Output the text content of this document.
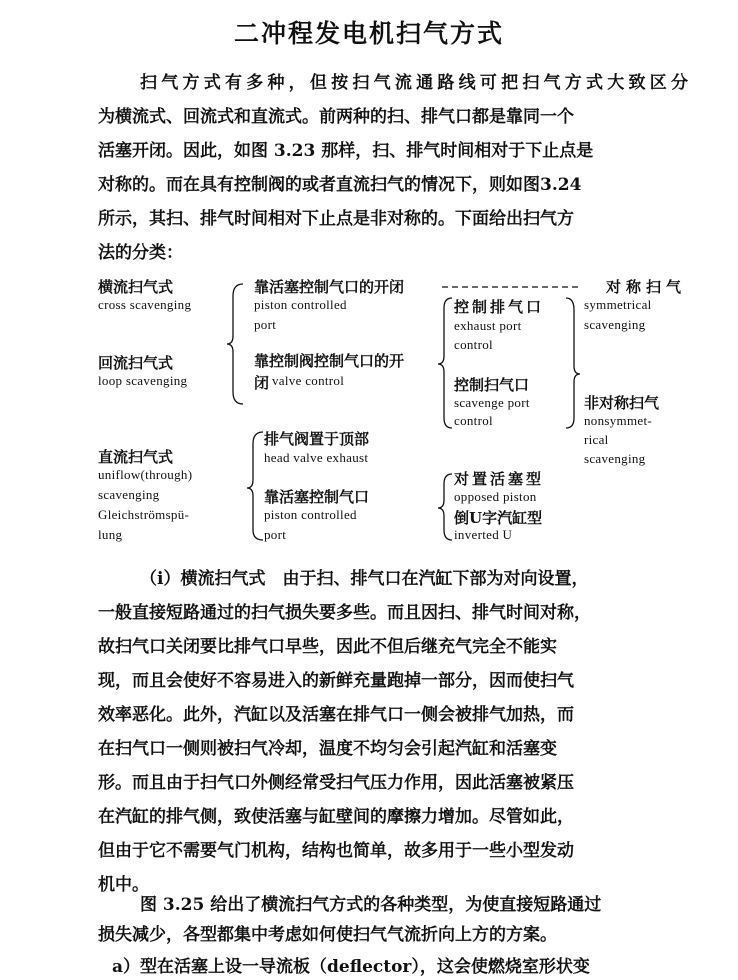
二冲程发电机扫气方式
扫气方式有多种，但按扫气流通路线可把扫气方式大致区分
为横流式、回流式和直流式。前两种的扫、排气口都是靠同一个
活塞开闭。因此，如图 3.23 那样，扫、排气时间相对于下止点是
对称的。而在具有控制阀的或者直流扫气的情况下，则如图3.24
所示，其扫、排气时间相对下止点是非对称的。下面给出扫气方
法的分类：
横流扫气式
cross scavenging
回流扫气式
loop scavenging
直流扫气式
uniflow(through)
scavenging
Gleichströmspü-
lung
靠活塞控制气口的开闭
piston controlled
port
靠控制阀控制气口的开
闭 valve control
排气阀置于顶部
head valve exhaust
靠活塞控制气口
piston controlled
port
控制排气口
exhaust port
control
控制扫气口
scavenge port
control
对置活塞型
opposed piston
倒U字汽缸型
inverted U
对称扫气
symmetrical
scavenging
非对称扫气
nonsymmet-
rical
scavenging
（i）横流扫气式　由于扫、排气口在汽缸下部为对向设置，
一般直接短路通过的扫气损失要多些。而且因扫、排气时间对称，
故扫气口关闭要比排气口早些，因此不但后继充气完全不能实
现，而且会使好不容易进入的新鲜充量跑掉一部分，因而使扫气
效率恶化。此外，汽缸以及活塞在排气口一侧会被排气加热，而
在扫气口一侧则被扫气冷却，温度不均匀会引起汽缸和活塞变
形。而且由于扫气口外侧经常受扫气压力作用，因此活塞被紧压
在汽缸的排气侧，致使活塞与缸壁间的摩擦力增加。尽管如此，
但由于它不需要气门机构，结构也简单，故多用于一些小型发动
机中。
图 3.25 给出了横流扫气方式的各种类型，为使直接短路通过
损失减少，各型都集中考虑如何使扫气气流折向上方的方案。
a）型在活塞上设一导流板（deflector），这会使燃烧室形状变
